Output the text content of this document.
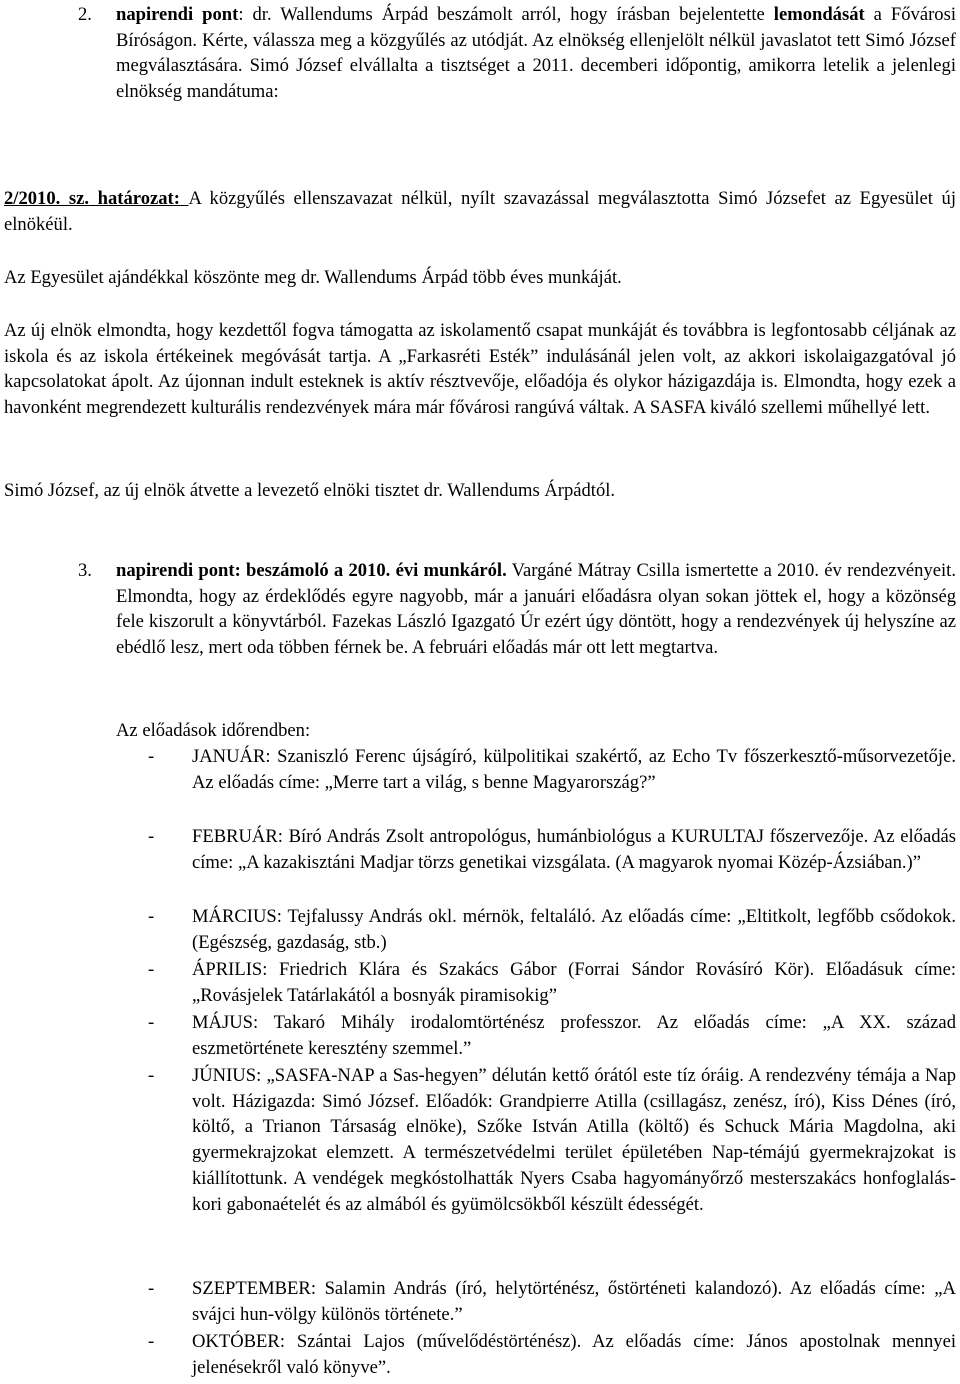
2. napirendi pont: dr. Wallendums Árpád beszámolt arról, hogy írásban bejelentette lemondását a Fővárosi Bíróságon. Kérte, válassza meg a közgyűlés az utódját. Az elnökség ellenjelölt nélkül javaslatot tett Simó József megválasztására. Simó József elvállalta a tisztséget a 2011. decemberi időpontig, amikorra letelik a jelenlegi elnökség mandátuma:
2/2010. sz. határozat: A közgyűlés ellenszavazat nélkül, nyílt szavazással megválasztotta Simó Józsefet az Egyesület új elnökéül.
Az Egyesület ajándékkal köszönte meg dr. Wallendums Árpád több éves munkáját.
Az új elnök elmondta, hogy kezdettől fogva támogatta az iskolamentő csapat munkáját és továbbra is legfontosabb céljának az iskola és az iskola értékeinek megóvását tartja. A „Farkasréti Esték” indulásánál jelen volt, az akkori iskolaigazgatóval jó kapcsolatokat ápolt. Az újonnan indult esteknek is aktív résztvevője, előadója és olykor házigazdája is. Elmondta, hogy ezek a havonként megrendezett kulturális rendezvények mára már fővárosi rangúvá váltak. A SASFA kiváló szellemi műhellyé lett.
Simó József, az új elnök átvette a levezető elnöki tisztet dr. Wallendums Árpádtól.
3. napirendi pont: beszámoló a 2010. évi munkáról. Vargáné Mátray Csilla ismertette a 2010. év rendezvényeit. Elmondta, hogy az érdeklődés egyre nagyobb, már a januári előadásra olyan sokan jöttek el, hogy a közönség fele kiszorult a könyvtárból. Fazekas László Igazgató Úr ezért úgy döntött, hogy a rendezvények új helyszíne az ebédlő lesz, mert oda többen férnek be. A februári előadás már ott lett megtartva.
Az előadások időrendben:
- JANUÁR: Szaniszló Ferenc újságíró, külpolitikai szakértő, az Echo Tv főszerkesztő-műsorvezetője. Az előadás címe: „Merre tart a világ, s benne Magyarország?”
- FEBRUÁR: Bíró András Zsolt antropológus, humánbiológus a KURULTAJ főszervezője. Az előadás címe: „A kazakisztáni Madjar törzs genetikai vizsgálata. (A magyarok nyomai Közép-Ázsiában.)”
- MÁRCIUS: Tejfalussy András okl. mérnök, feltaláló. Az előadás címe: „Eltitkolt, legfőbb csődokok. (Egészség, gazdaság, stb.)
- ÁPRILIS: Friedrich Klára és Szakács Gábor (Forrai Sándor Rovásíró Kör). Előadásuk címe: „Rovásjelek Tatárlakától a bosnyák piramisokig”
- MÁJUS: Takaró Mihály irodalomtörténész professzor. Az előadás címe: „A XX. század eszmetörténete keresztény szemmel.”
- JÚNIUS: „SASFA-NAP a Sas-hegyen” délután kettő órától este tíz óráig. A rendezvény témája a Nap volt. Házigazda: Simó József. Előadók: Grandpierre Atilla (csillagász, zenész, író), Kiss Dénes (író, költő, a Trianon Társaság elnöke), Szőke István Atilla (költő) és Schuck Mária Magdolna, aki gyermekrajzokat elemzett. A természetvédelmi terület épületében Nap-témájú gyermekrajzokat is kiállítottunk. A vendégek megkóstolhatták Nyers Csaba hagyományőrző mesterszakács honfoglalás-kori gabonaételét és az almából és gyümölcsökből készült édességét.
- SZEPTEMBER: Salamin András (író, helytörténész, őstörténeti kalandozó). Az előadás címe: „A svájci hun-völgy különös története.”
- OKTÓBER: Szántai Lajos (művelődéstörténész). Az előadás címe: János apostolnak mennyei jelenésekről való könyve”.
